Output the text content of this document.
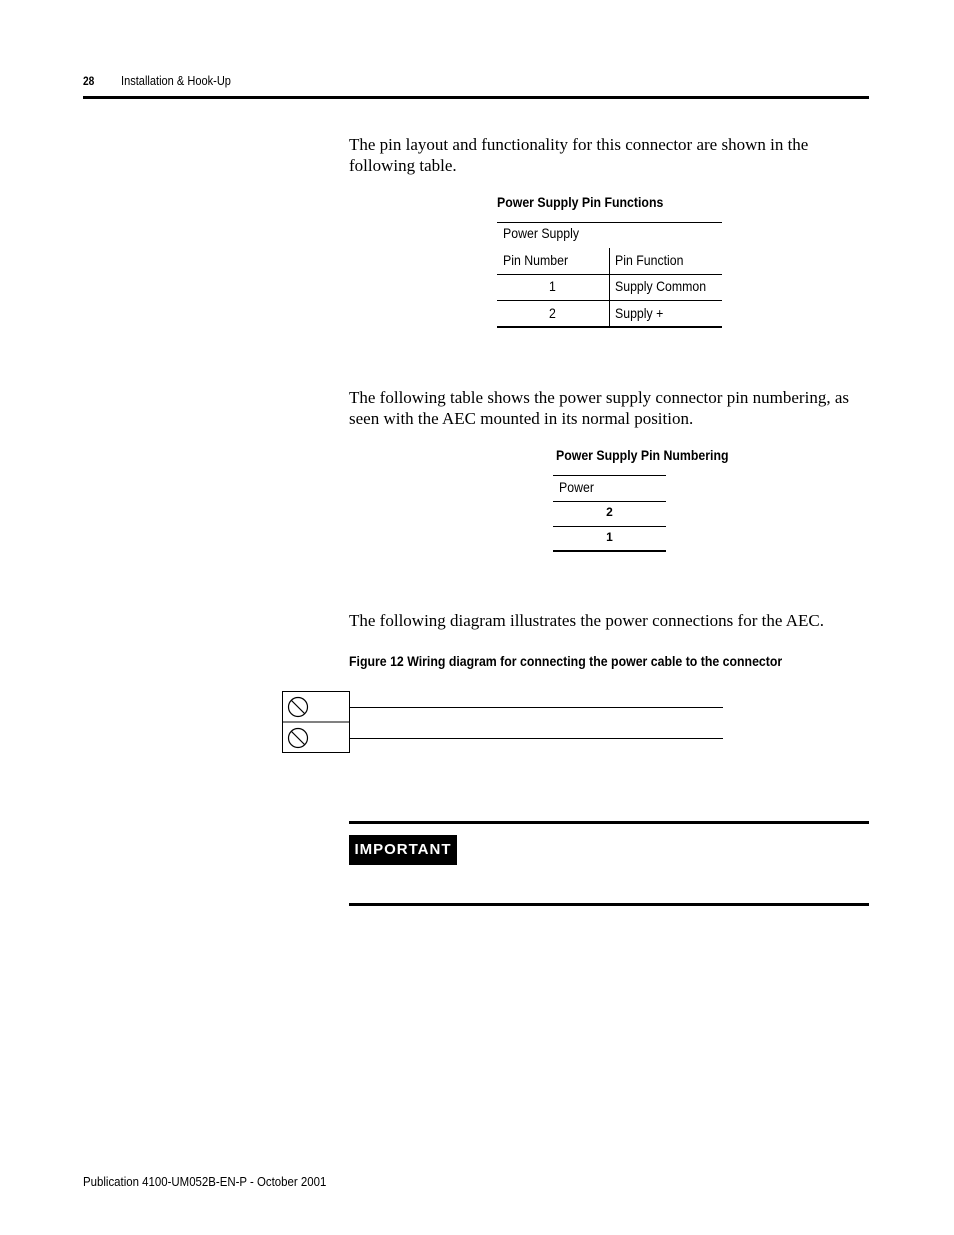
28 Installation & Hook-Up

The pin layout and functionality for this connector are shown in the following table.

Power Supply Pin Functions
Power Supply
Pin Number	Pin Function
1	Supply Common
2	Supply +

The following table shows the power supply connector pin numbering, as seen with the AEC mounted in its normal position.

Power Supply Pin Numbering
Power
2
1

The following diagram illustrates the power connections for the AEC.

Figure 12 Wiring diagram for connecting the power cable to the connector
IMPORTANT
Publication 4100-UM052B-EN-P - October 2001
